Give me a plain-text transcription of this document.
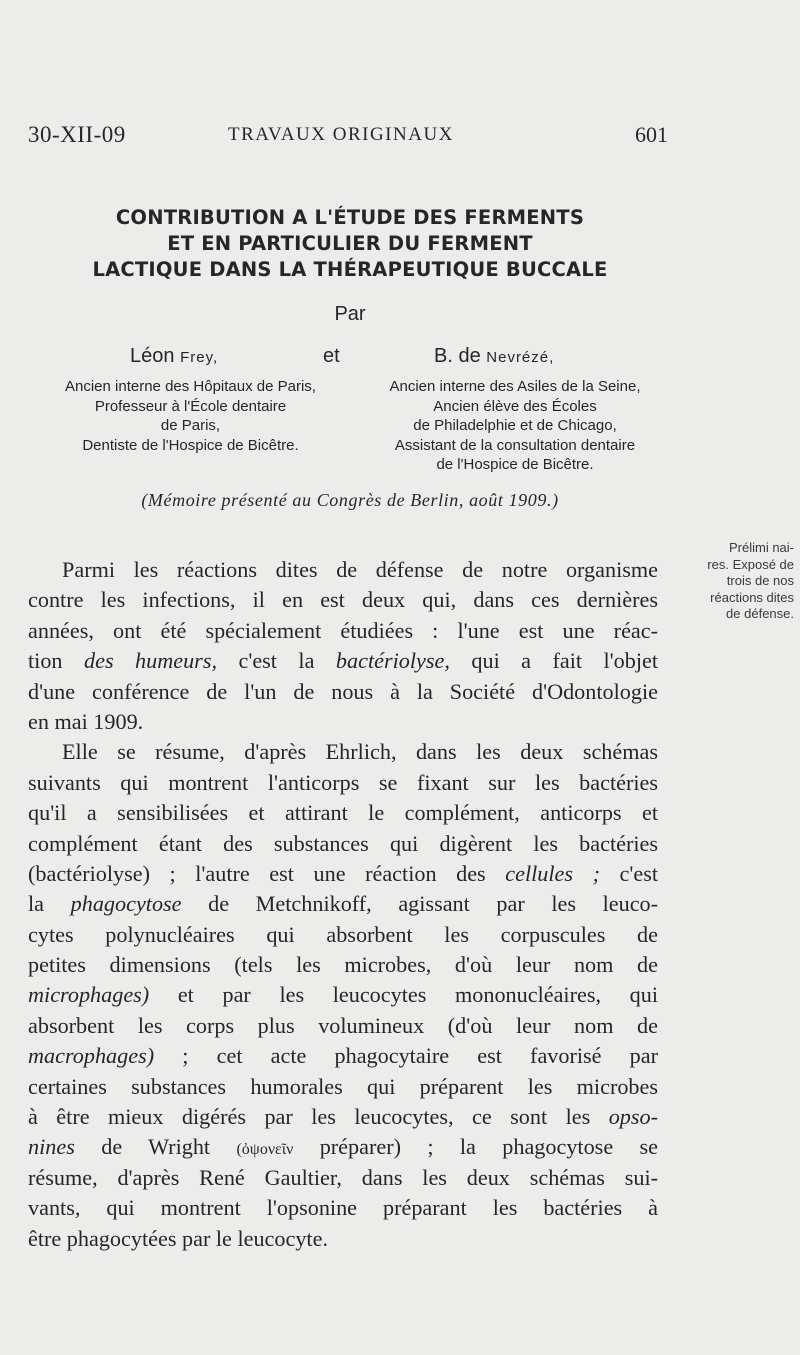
30-XII-09	TRAVAUX ORIGINAUX	601
CONTRIBUTION A L'ÉTUDE DES FERMENTS
ET EN PARTICULIER DU FERMENT
LACTIQUE DANS LA THÉRAPEUTIQUE BUCCALE
Par
Léon Frey,	et	B. de Nevrézé,
Ancien interne des Hôpitaux de Paris,
Professeur à l'École dentaire
de Paris,
Dentiste de l'Hospice de Bicêtre.
Ancien interne des Asiles de la Seine,
Ancien élève des Écoles
de Philadelphie et de Chicago,
Assistant de la consultation dentaire
de l'Hospice de Bicêtre.
(Mémoire présenté au Congrès de Berlin, août 1909.)
Prélimi nai-
res. Exposé de
trois de nos
réactions dites
de défense.
Parmi les réactions dites de défense de notre organisme
contre les infections, il en est deux qui, dans ces dernières
années, ont été spécialement étudiées : l'une est une réac-
tion des humeurs, c'est la bactériolyse, qui a fait l'objet
d'une conférence de l'un de nous à la Société d'Odontologie
en mai 1909.
Elle se résume, d'après Ehrlich, dans les deux schémas
suivants qui montrent l'anticorps se fixant sur les bactéries
qu'il a sensibilisées et attirant le complément, anticorps et
complément étant des substances qui digèrent les bactéries
(bactériolyse) ; l'autre est une réaction des cellules ; c'est
la phagocytose de Metchnikoff, agissant par les leuco-
cytes polynucléaires qui absorbent les corpuscules de
petites dimensions (tels les microbes, d'où leur nom de
microphages) et par les leucocytes mononucléaires, qui
absorbent les corps plus volumineux (d'où leur nom de
macrophages) ; cet acte phagocytaire est favorisé par
certaines substances humorales qui préparent les microbes
à être mieux digérés par les leucocytes, ce sont les opso-
nines de Wright (ὀψονεῖν préparer) ; la phagocytose se
résume, d'après René Gaultier, dans les deux schémas sui-
vants, qui montrent l'opsonine préparant les bactéries à
être phagocytées par le leucocyte.
